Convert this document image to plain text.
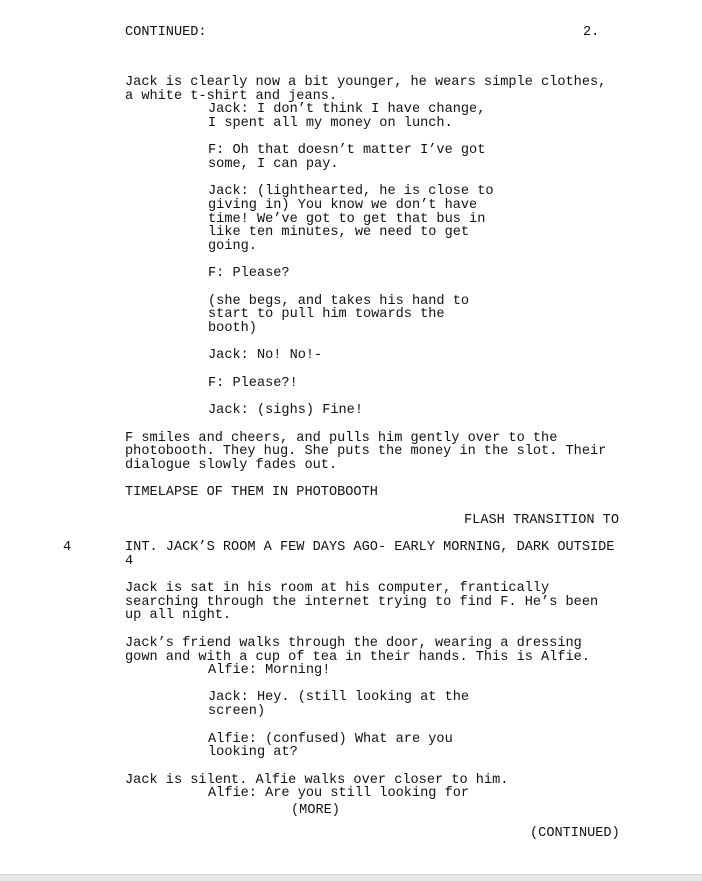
CONTINUED:	2.
Jack is clearly now a bit younger, he wears simple clothes,
a white t-shirt and jeans.
Jack: I don’t think I have change,
I spent all my money on lunch.
F: Oh that doesn’t matter I’ve got
some, I can pay.
Jack: (lighthearted, he is close to
giving in) You know we don’t have
time! We’ve got to get that bus in
like ten minutes, we need to get
going.
F: Please?
(she begs, and takes his hand to
start to pull him towards the
booth)
Jack: No! No!-
F: Please?!
Jack: (sighs) Fine!
F smiles and cheers, and pulls him gently over to the
photobooth. They hug. She puts the money in the slot. Their
dialogue slowly fades out.
TIMELAPSE OF THEM IN PHOTOBOOTH
FLASH TRANSITION TO
4	INT. JACK’S ROOM A FEW DAYS AGO- EARLY MORNING, DARK OUTSIDE
4
Jack is sat in his room at his computer, frantically
searching through the internet trying to find F. He’s been
up all night.
Jack’s friend walks through the door, wearing a dressing
gown and with a cup of tea in their hands. This is Alfie.
Alfie: Morning!
Jack: Hey. (still looking at the
screen)
Alfie: (confused) What are you
looking at?
Jack is silent. Alfie walks over closer to him.
Alfie: Are you still looking for
(MORE)
(CONTINUED)
